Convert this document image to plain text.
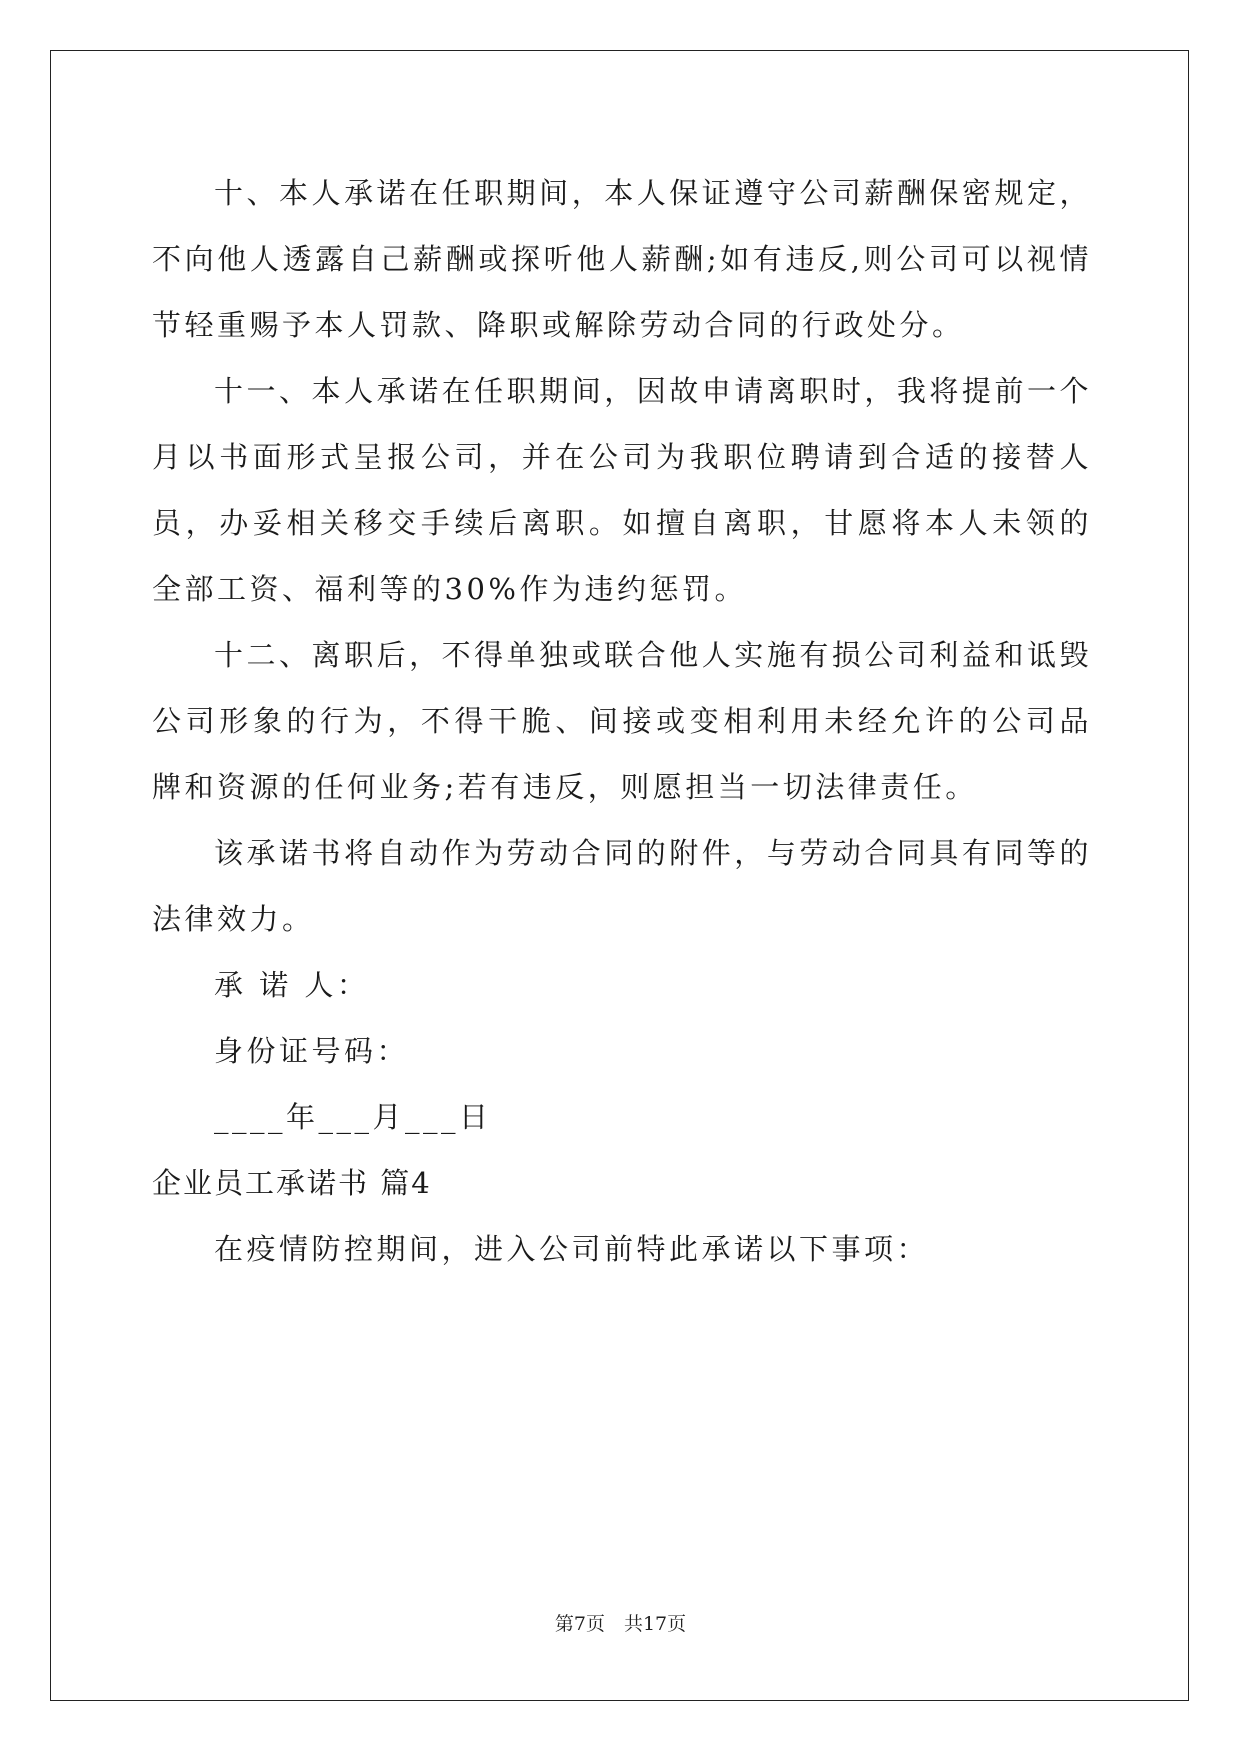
十、本人承诺在任职期间，本人保证遵守公司薪酬保密规定，不向他人透露自己薪酬或探听他人薪酬;如有违反,则公司可以视情节轻重赐予本人罚款、降职或解除劳动合同的行政处分。

十一、本人承诺在任职期间，因故申请离职时，我将提前一个月以书面形式呈报公司，并在公司为我职位聘请到合适的接替人员，办妥相关移交手续后离职。如擅自离职，甘愿将本人未领的全部工资、福利等的30%作为违约惩罚。

十二、离职后，不得单独或联合他人实施有损公司利益和诋毁公司形象的行为，不得干脆、间接或变相利用未经允许的公司品牌和资源的任何业务;若有违反，则愿担当一切法律责任。

该承诺书将自动作为劳动合同的附件，与劳动合同具有同等的法律效力。

承 诺 人：
身份证号码：
____年___月___日
企业员工承诺书 篇4
在疫情防控期间，进入公司前特此承诺以下事项：
第7页　共17页
